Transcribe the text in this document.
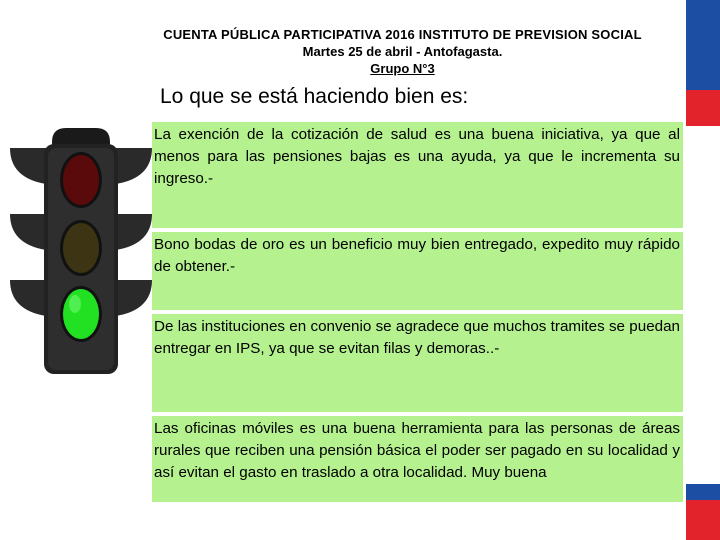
CUENTA PÚBLICA PARTICIPATIVA 2016 INSTITUTO DE PREVISION SOCIAL
Martes 25 de abril - Antofagasta.
Grupo N°3
Lo que se está haciendo bien es:
La exención de la cotización de salud es una buena iniciativa, ya que al menos para las pensiones bajas es una ayuda, ya que le incrementa su ingreso.-
Bono bodas de oro es un beneficio muy bien entregado, expedito muy rápido de obtener.-
De las instituciones en convenio se agradece que muchos tramites se puedan entregar en IPS, ya que se evitan filas y demoras..-
Las oficinas móviles es una buena herramienta para las personas de áreas rurales que reciben una pensión básica el poder ser pagado en su localidad y así evitan el gasto en traslado a otra localidad. Muy buena
